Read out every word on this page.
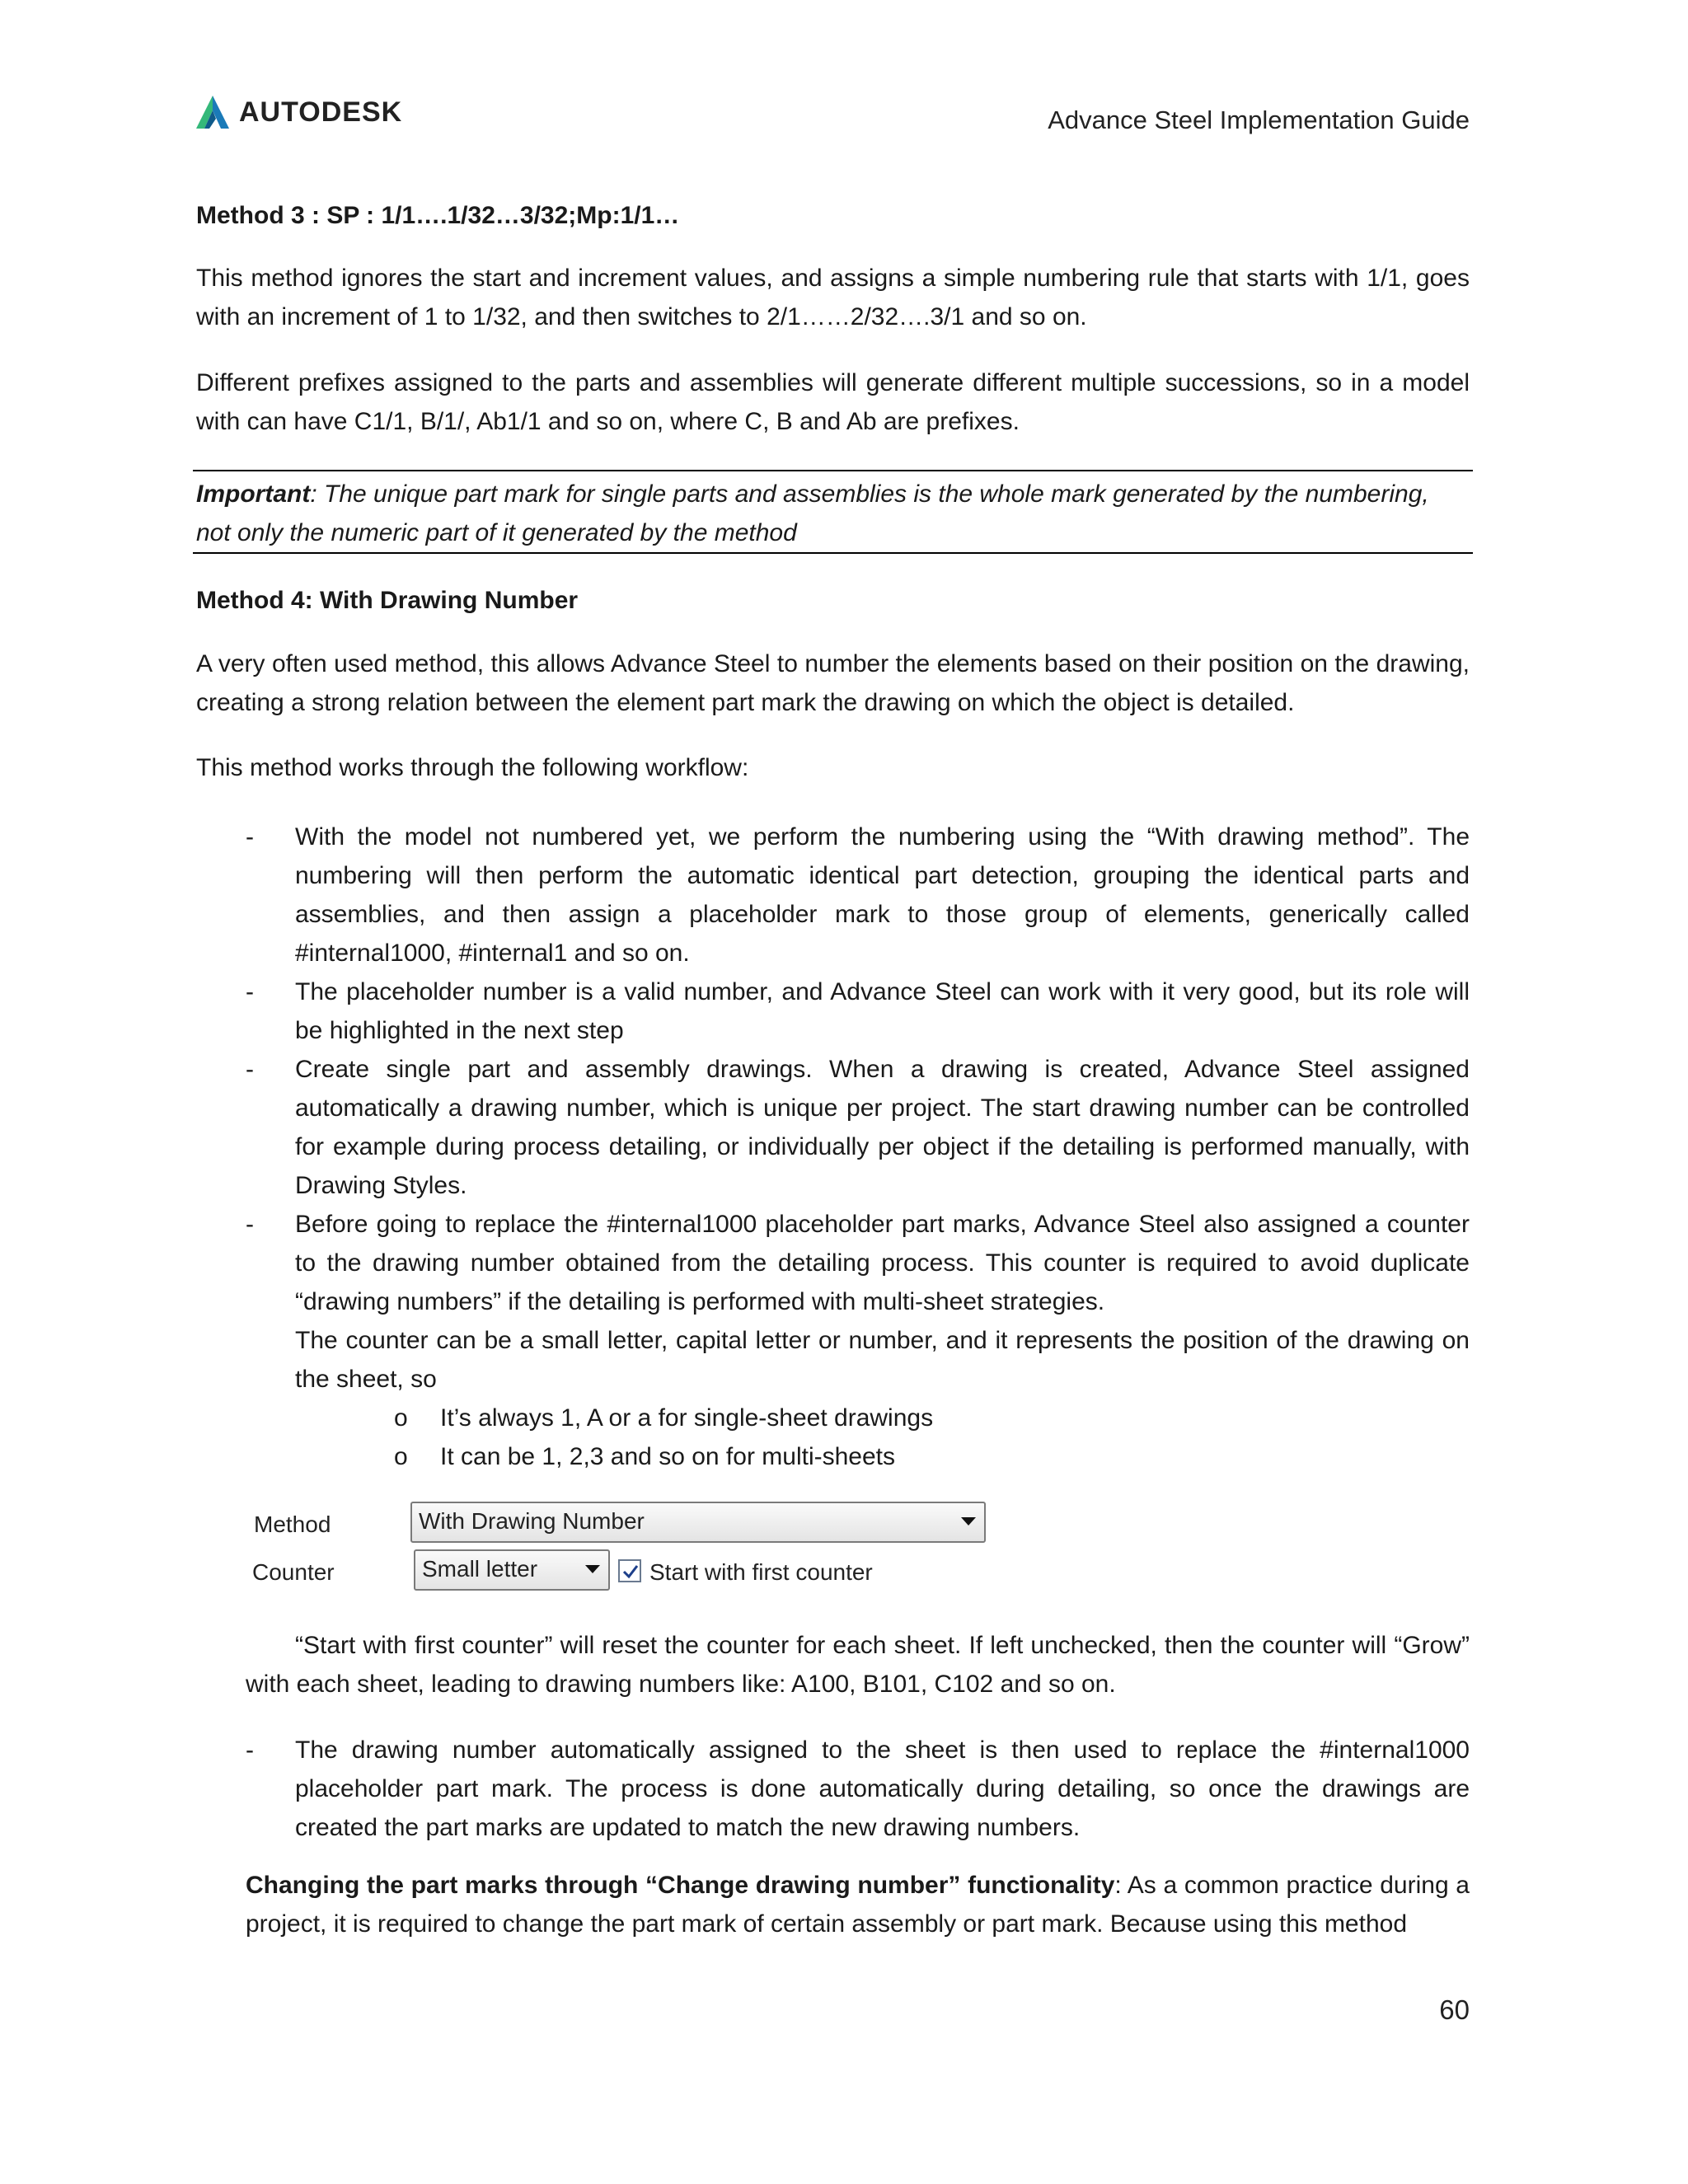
AUTODESK	Advance Steel Implementation Guide
Method 3 : SP : 1/1….1/32…3/32;Mp:1/1…
This method ignores the start and increment values, and assigns a simple numbering rule that starts with 1/1, goes with an increment of 1 to 1/32, and then switches to 2/1……2/32….3/1 and so on.
Different prefixes assigned to the parts and assemblies will generate different multiple successions, so in a model with can have C1/1, B/1/, Ab1/1 and so on, where C, B and Ab are prefixes.
Important: The unique part mark for single parts and assemblies is the whole mark generated by the numbering, not only the numeric part of it generated by the method
Method 4: With Drawing Number
A very often used method, this allows Advance Steel to number the elements based on their position on the drawing, creating a strong relation between the element part mark the drawing on which the object is detailed.
This method works through the following workflow:
- With the model not numbered yet, we perform the numbering using the “With drawing method”. The numbering will then perform the automatic identical part detection, grouping the identical parts and assemblies, and then assign a placeholder mark to those group of elements, generically called #internal1000, #internal1 and so on.
- The placeholder number is a valid number, and Advance Steel can work with it very good, but its role will be highlighted in the next step
- Create single part and assembly drawings. When a drawing is created, Advance Steel assigned automatically a drawing number, which is unique per project. The start drawing number can be controlled for example during process detailing, or individually per object if the detailing is performed manually, with Drawing Styles.
- Before going to replace the #internal1000 placeholder part marks, Advance Steel also assigned a counter to the drawing number obtained from the detailing process. This counter is required to avoid duplicate “drawing numbers” if the detailing is performed with multi-sheet strategies.
The counter can be a small letter, capital letter or number, and it represents the position of the drawing on the sheet, so
o It’s always 1, A or a for single-sheet drawings
o It can be 1, 2,3 and so on for multi-sheets
Method	With Drawing Number
Counter	Small letter	Start with first counter
“Start with first counter” will reset the counter for each sheet. If left unchecked, then the counter will “Grow” with each sheet, leading to drawing numbers like: A100, B101, C102 and so on.
- The drawing number automatically assigned to the sheet is then used to replace the #internal1000 placeholder part mark. The process is done automatically during detailing, so once the drawings are created the part marks are updated to match the new drawing numbers.
Changing the part marks through “Change drawing number” functionality: As a common practice during a project, it is required to change the part mark of certain assembly or part mark. Because using this method
60
